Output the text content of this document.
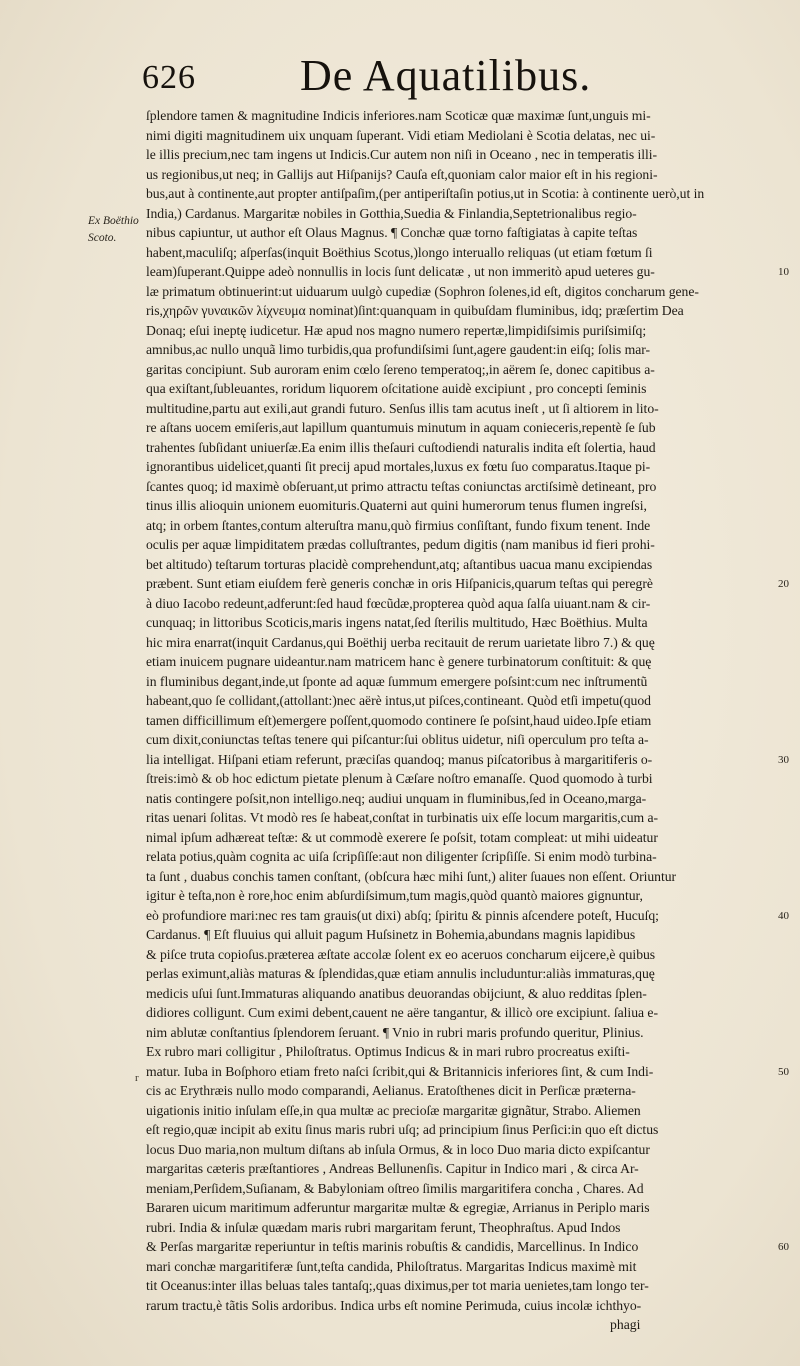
626 De Aquatilibus.

Ex Boëthio
Scoto.

r
ſplendore tamen & magnitudine Indicis inferiores.nam Scoticæ quæ maximæ ſunt,unguis mi-
nimi digiti magnitudinem uix unquam ſuperant. Vidi etiam Mediolani è Scotia delatas, nec ui-
le illis precium,nec tam ingens ut Indicis.Cur autem non niſi in Oceano , nec in temperatis illi-
us regionibus,ut neq; in Gallijs aut Hiſpanijs? Cauſa eſt,quoniam calor maior eſt in his regioni-
bus,aut à continente,aut propter antiſpaſim,(per antiperiſtaſin potius,ut in Scotia: à continente uerò,ut in
India,) Cardanus. Margaritæ nobiles in Gotthia,Suedia & Finlandia,Septetrionalibus regio-
nibus capiuntur, ut author eſt Olaus Magnus. ¶ Conchæ quæ torno faſtigiatas à capite teſtas
habent,maculiſq; aſperſas(inquit Boëthius Scotus,)longo interuallo reliquas (ut etiam fœtum ſi
leam)ſuperant.Quippe adeò nonnullis in locis ſunt delicatæ , ut non immeritò apud ueteres gu-
læ primatum obtinuerint:ut uiduarum uulgò cupediæ (Sophron ſolenes,id eſt, digitos concharum gene-
ris,χηρῶν γυναικῶν λίχνευμα nominat)ſint:quanquam in quibuſdam fluminibus, idq; præſertim Dea
Donaq; eſui ineptę iudicetur. Hæ apud nos magno numero repertæ,limpidiſsimis puriſsimiſq;
amnibus,ac nullo unquã limo turbidis,qua profundiſsimi ſunt,agere gaudent:in eiſq; ſolis mar-
garitas concipiunt. Sub auroram enim cœlo ſereno temperatoq;,in aërem ſe, donec capitibus a-
qua exiſtant,ſubleuantes, roridum liquorem oſcitatione auidè excipiunt , pro concepti ſeminis
multitudine,partu aut exili,aut grandi futuro. Senſus illis tam acutus ineſt , ut ſi altiorem in lito-
re aſtans uocem emiſeris,aut lapillum quantumuis minutum in aquam conieceris,repentè ſe ſub
trahentes ſubſidant uniuerſæ.Ea enim illis theſauri cuſtodiendi naturalis indita eſt ſolertia, haud
ignorantibus uidelicet,quanti ſit precij apud mortales,luxus ex fœtu ſuo comparatus.Itaque pi-
ſcantes quoq; id maximè obſeruant,ut primo attractu teſtas coniunctas arctiſsimè detineant, pro
tinus illis alioquin unionem euomituris.Quaterni aut quini humerorum tenus flumen ingreſsi,
atq; in orbem ſtantes,contum alteruſtra manu,quò firmius conſiſtant, fundo fixum tenent. Inde
oculis per aquæ limpiditatem prædas colluſtrantes, pedum digitis (nam manibus id fieri prohi-
bet altitudo) teſtarum torturas placidè comprehendunt,atq; aſtantibus uacua manu excipiendas
præbent. Sunt etiam eiuſdem ferè generis conchæ in oris Hiſpanicis,quarum teſtas qui peregrè
à diuo Iacobo redeunt,adferunt:ſed haud fœcũdæ,propterea quòd aqua ſalſa uiuant.nam & cir-
cunquaq; in littoribus Scoticis,maris ingens natat,ſed ſterilis multitudo, Hæc Boëthius. Multa
hic mira enarrat(inquit Cardanus,qui Boëthij uerba recitauit de rerum uarietate libro 7.) & quę
etiam inuicem pugnare uideantur.nam matricem hanc è genere turbinatorum conſtituit: & quę
in fluminibus degant,inde,ut ſponte ad aquæ ſummum emergere poſsint:cum nec inſtrumentũ
habeant,quo ſe collidant,(attollant:)nec aërè intus,ut piſces,contineant. Quòd etſi impetu(quod
tamen difficillimum eſt)emergere poſſent,quomodo continere ſe poſsint,haud uideo.Ipſe etiam
cum dixit,coniunctas teſtas tenere qui piſcantur:ſui oblitus uidetur, niſi operculum pro teſta a-
lia intelligat. Hiſpani etiam referunt, præciſas quandoq; manus piſcatoribus à margaritiferis o-
ſtreis:imò & ob hoc edictum pietate plenum à Cæſare noſtro emanaſſe. Quod quomodo à turbi
natis contingere poſsit,non intelligo.neq; audiui unquam in fluminibus,ſed in Oceano,marga-
ritas uenari ſolitas. Vt modò res ſe habeat,conſtat in turbinatis uix eſſe locum margaritis,cum a-
nimal ipſum adhæreat teſtæ: & ut commodè exerere ſe poſsit, totam compleat: ut mihi uideatur
relata potius,quàm cognita ac uiſa ſcripſiſſe:aut non diligenter ſcripſiſſe. Si enim modò turbina-
ta ſunt , duabus conchis tamen conſtant, (obſcura hæc mihi ſunt,) aliter ſuaues non eſſent. Oriuntur
igitur è teſta,non è rore,hoc enim abſurdiſsimum,tum magis,quòd quantò maiores gignuntur,
eò profundiore mari:nec res tam grauis(ut dixi) abſq; ſpiritu & pinnis aſcendere poteſt, Hucuſq;
Cardanus. ¶ Eſt fluuius qui alluit pagum Huſsinetz in Bohemia,abundans magnis lapidibus
& piſce truta copioſus.præterea æſtate accolæ ſolent ex eo aceruos concharum eijcere,è quibus
perlas eximunt,aliàs maturas & ſplendidas,quæ etiam annulis includuntur:aliàs immaturas,quę
medicis uſui ſunt.Immaturas aliquando anatibus deuorandas obijciunt, & aluo redditas ſplen-
didiores colligunt. Cum eximi debent,cauent ne aëre tangantur, & illicò ore excipiunt. ſaliua e-
nim ablutæ conſtantius ſplendorem ſeruant. ¶ Vnio in rubri maris profundo queritur, Plinius.
Ex rubro mari colligitur , Philoſtratus. Optimus Indicus & in mari rubro procreatus exiſti-
matur. Iuba in Boſphoro etiam freto naſci ſcribit,qui & Britannicis inferiores ſint, & cum Indi-
cis ac Erythræis nullo modo comparandi, Aelianus. Eratoſthenes dicit in Perſicæ præterna-
uigationis initio inſulam eſſe,in qua multæ ac precioſæ margaritæ gignãtur, Strabo. Aliemen
eſt regio,quæ incipit ab exitu ſinus maris rubri uſq; ad principium ſinus Perſici:in quo eſt dictus
locus Duo maria,non multum diſtans ab inſula Ormus, & in loco Duo maria dicto expiſcantur
margaritas cæteris præſtantiores , Andreas Bellunenſis. Capitur in Indico mari , & circa Ar-
meniam,Perſidem,Suſianam, & Babyloniam oſtreo ſimilis margaritifera concha , Chares. Ad
Bararen uicum maritimum adferuntur margaritæ multæ & egregiæ, Arrianus in Periplo maris
rubri. India & inſulæ quædam maris rubri margaritam ferunt, Theophraſtus. Apud Indos
& Perſas margaritæ reperiuntur in teſtis marinis robuſtis & candidis, Marcellinus. In Indico
mari conchæ margaritiferæ ſunt,teſta candida, Philoſtratus. Margaritas Indicus maximè mit
tit Oceanus:inter illas beluas tales tantaſq;,quas diximus,per tot maria uenietes,tam longo ter-
rarum tractu,è tãtis Solis ardoribus. Indica urbs eſt nomine Perimuda, cuius incolæ ichthyo-
phagi
10
20
30
40
50
60
